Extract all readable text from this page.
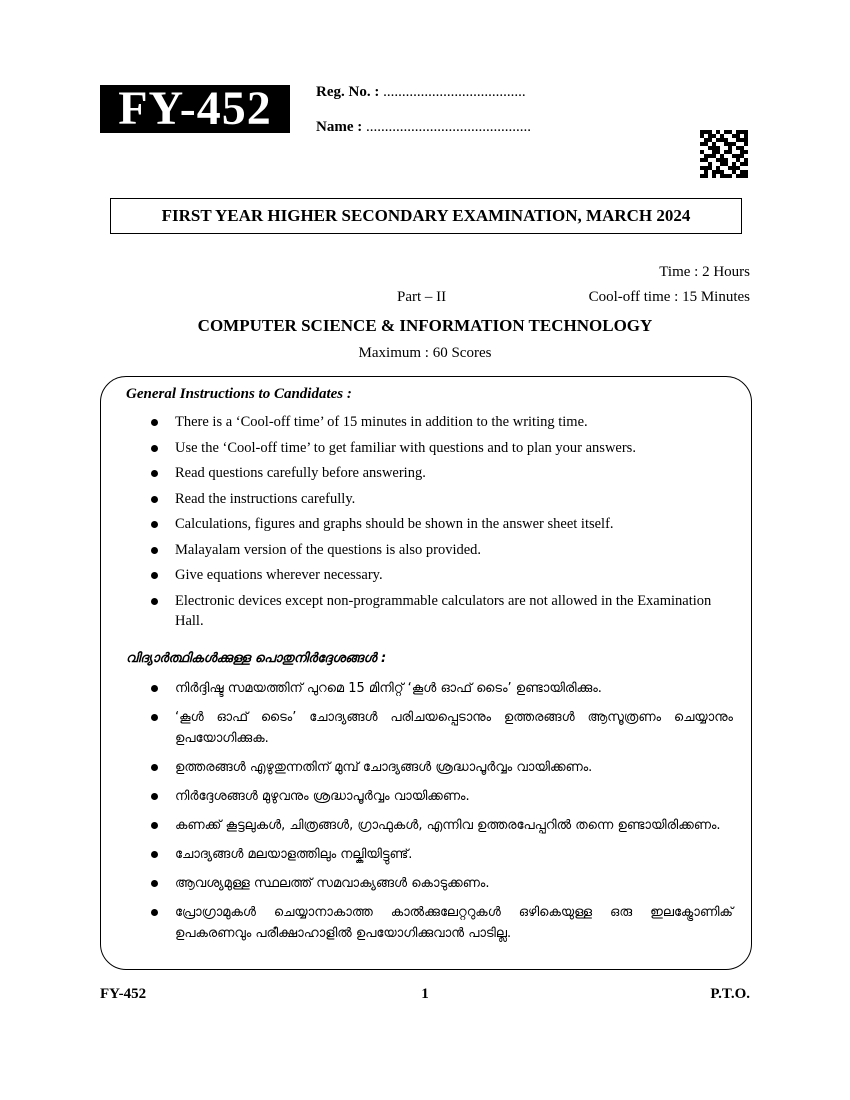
FY-452	Reg. No. : ......................................
Name : ............................................
FIRST YEAR HIGHER SECONDARY EXAMINATION, MARCH 2024
Time : 2 Hours
Part – II	Cool-off time : 15 Minutes
COMPUTER SCIENCE & INFORMATION TECHNOLOGY
Maximum : 60 Scores
General Instructions to Candidates :
There is a ‘Cool-off time’ of 15 minutes in addition to the writing time.
Use the ‘Cool-off time’ to get familiar with questions and to plan your answers.
Read questions carefully before answering.
Read the instructions carefully.
Calculations, figures and graphs should be shown in the answer sheet itself.
Malayalam version of the questions is also provided.
Give equations wherever necessary.
Electronic devices except non-programmable calculators are not allowed in the Examination Hall.
വിദ്യാർത്ഥികൾക്കുള്ള പൊതുനിർദ്ദേശങ്ങൾ :
നിർദ്ദിഷ്ട സമയത്തിന് പുറമെ 15 മിനിറ്റ് ‘കൂൾ ഓഫ് ടൈം’ ഉണ്ടായിരിക്കും.
‘കൂൾ ഓഫ് ടൈം’ ചോദ്യങ്ങൾ പരിചയപ്പെടാനും ഉത്തരങ്ങൾ ആസൂത്രണം ചെയ്യാനും ഉപയോഗിക്കുക.
ഉത്തരങ്ങൾ എഴുതുന്നതിന് മുമ്പ് ചോദ്യങ്ങൾ ശ്രദ്ധാപൂർവ്വം വായിക്കണം.
നിർദ്ദേശങ്ങൾ മുഴുവനും ശ്രദ്ധാപൂർവ്വം വായിക്കണം.
കണക്ക് കൂട്ടലുകൾ, ചിത്രങ്ങൾ, ഗ്രാഫുകൾ, എന്നിവ ഉത്തരപേപ്പറിൽ തന്നെ ഉണ്ടായിരിക്കണം.
ചോദ്യങ്ങൾ മലയാളത്തിലും നല്കിയിട്ടുണ്ട്.
ആവശ്യമുള്ള സ്ഥലത്ത് സമവാക്യങ്ങൾ കൊടുക്കണം.
പ്രോഗ്രാമുകൾ ചെയ്യാനാകാത്ത കാൽക്കുലേറ്ററുകൾ ഒഴികെയുള്ള ഒരു ഇലക്ട്രോണിക് ഉപകരണവും പരീക്ഷാഹാളിൽ ഉപയോഗിക്കുവാൻ പാടില്ല.
FY-452	1	P.T.O.
